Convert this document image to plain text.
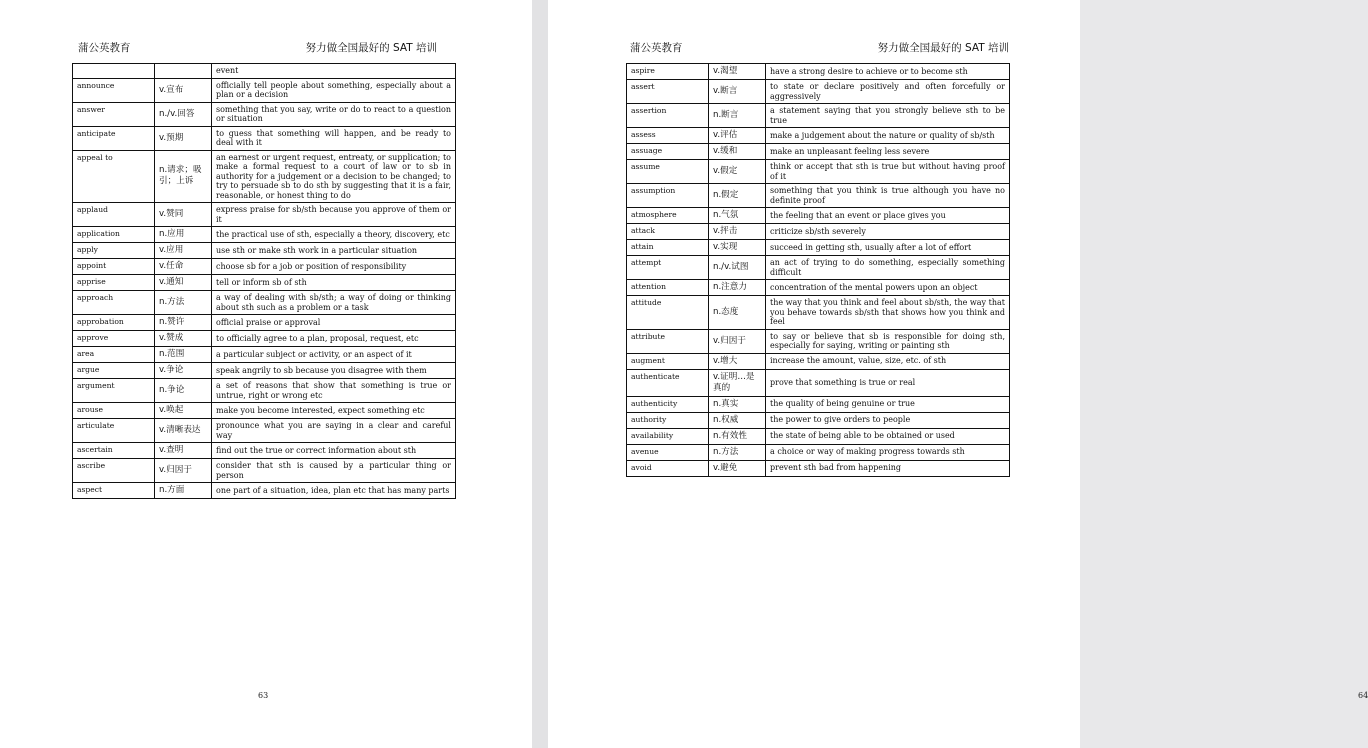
蒲公英教育	努力做全国最好的 SAT 培训
		event
announce	v.宣布	officially tell people about something, especially about a plan or a decision
answer	n./v.回答	something that you say, write or do to react to a question or situation
anticipate	v.预期	to guess that something will happen, and be ready to deal with it
appeal to	n.请求；吸引；上诉	an earnest or urgent request, entreaty, or supplication; to make a formal request to a court of law or to sb in authority for a judgement or a decision to be changed; to try to persuade sb to do sth by suggesting that it is a fair, reasonable, or honest thing to do
applaud	v.赞同	express praise for sb/sth because you approve of them or it
application	n.应用	the practical use of sth, especially a theory, discovery, etc
apply	v.应用	use sth or make sth work in a particular situation
appoint	v.任命	choose sb for a job or position of responsibility
apprise	v.通知	tell or inform sb of sth
approach	n.方法	a way of dealing with sb/sth; a way of doing or thinking about sth such as a problem or a task
approbation	n.赞许	official praise or approval
approve	v.赞成	to officially agree to a plan, proposal, request, etc
area	n.范围	a particular subject or activity, or an aspect of it
argue	v.争论	speak angrily to sb because you disagree with them
argument	n.争论	a set of reasons that show that something is true or untrue, right or wrong etc
arouse	v.唤起	make you become interested, expect something etc
articulate	v.清晰表达	pronounce what you are saying in a clear and careful way
ascertain	v.查明	find out the true or correct information about sth
ascribe	v.归因于	consider that sth is caused by a particular thing or person
aspect	n.方面	one part of a situation, idea, plan etc that has many parts
63
蒲公英教育	努力做全国最好的 SAT 培训
aspire	v.渴望	have a strong desire to achieve or to become sth
assert	v.断言	to state or declare positively and often forcefully or aggressively
assertion	n.断言	a statement saying that you strongly believe sth to be true
assess	v.评估	make a judgement about the nature or quality of sb/sth
assuage	v.缓和	make an unpleasant feeling less severe
assume	v.假定	think or accept that sth is true but without having proof of it
assumption	n.假定	something that you think is true although you have no definite proof
atmosphere	n.气氛	the feeling that an event or place gives you
attack	v.抨击	criticize sb/sth severely
attain	v.实现	succeed in getting sth, usually after a lot of effort
attempt	n./v.试图	an act of trying to do something, especially something difficult
attention	n.注意力	concentration of the mental powers upon an object
attitude	n.态度	the way that you think and feel about sb/sth, the way that you behave towards sb/sth that shows how you think and feel
attribute	v.归因于	to say or believe that sb is responsible for doing sth, especially for saying, writing or painting sth
augment	v.增大	increase the amount, value, size, etc. of sth
authenticate	v.证明…是真的	prove that something is true or real
authenticity	n.真实	the quality of being genuine or true
authority	n.权威	the power to give orders to people
availability	n.有效性	the state of being able to be obtained or used
avenue	n.方法	a choice or way of making progress towards sth
avoid	v.避免	prevent sth bad from happening
64
